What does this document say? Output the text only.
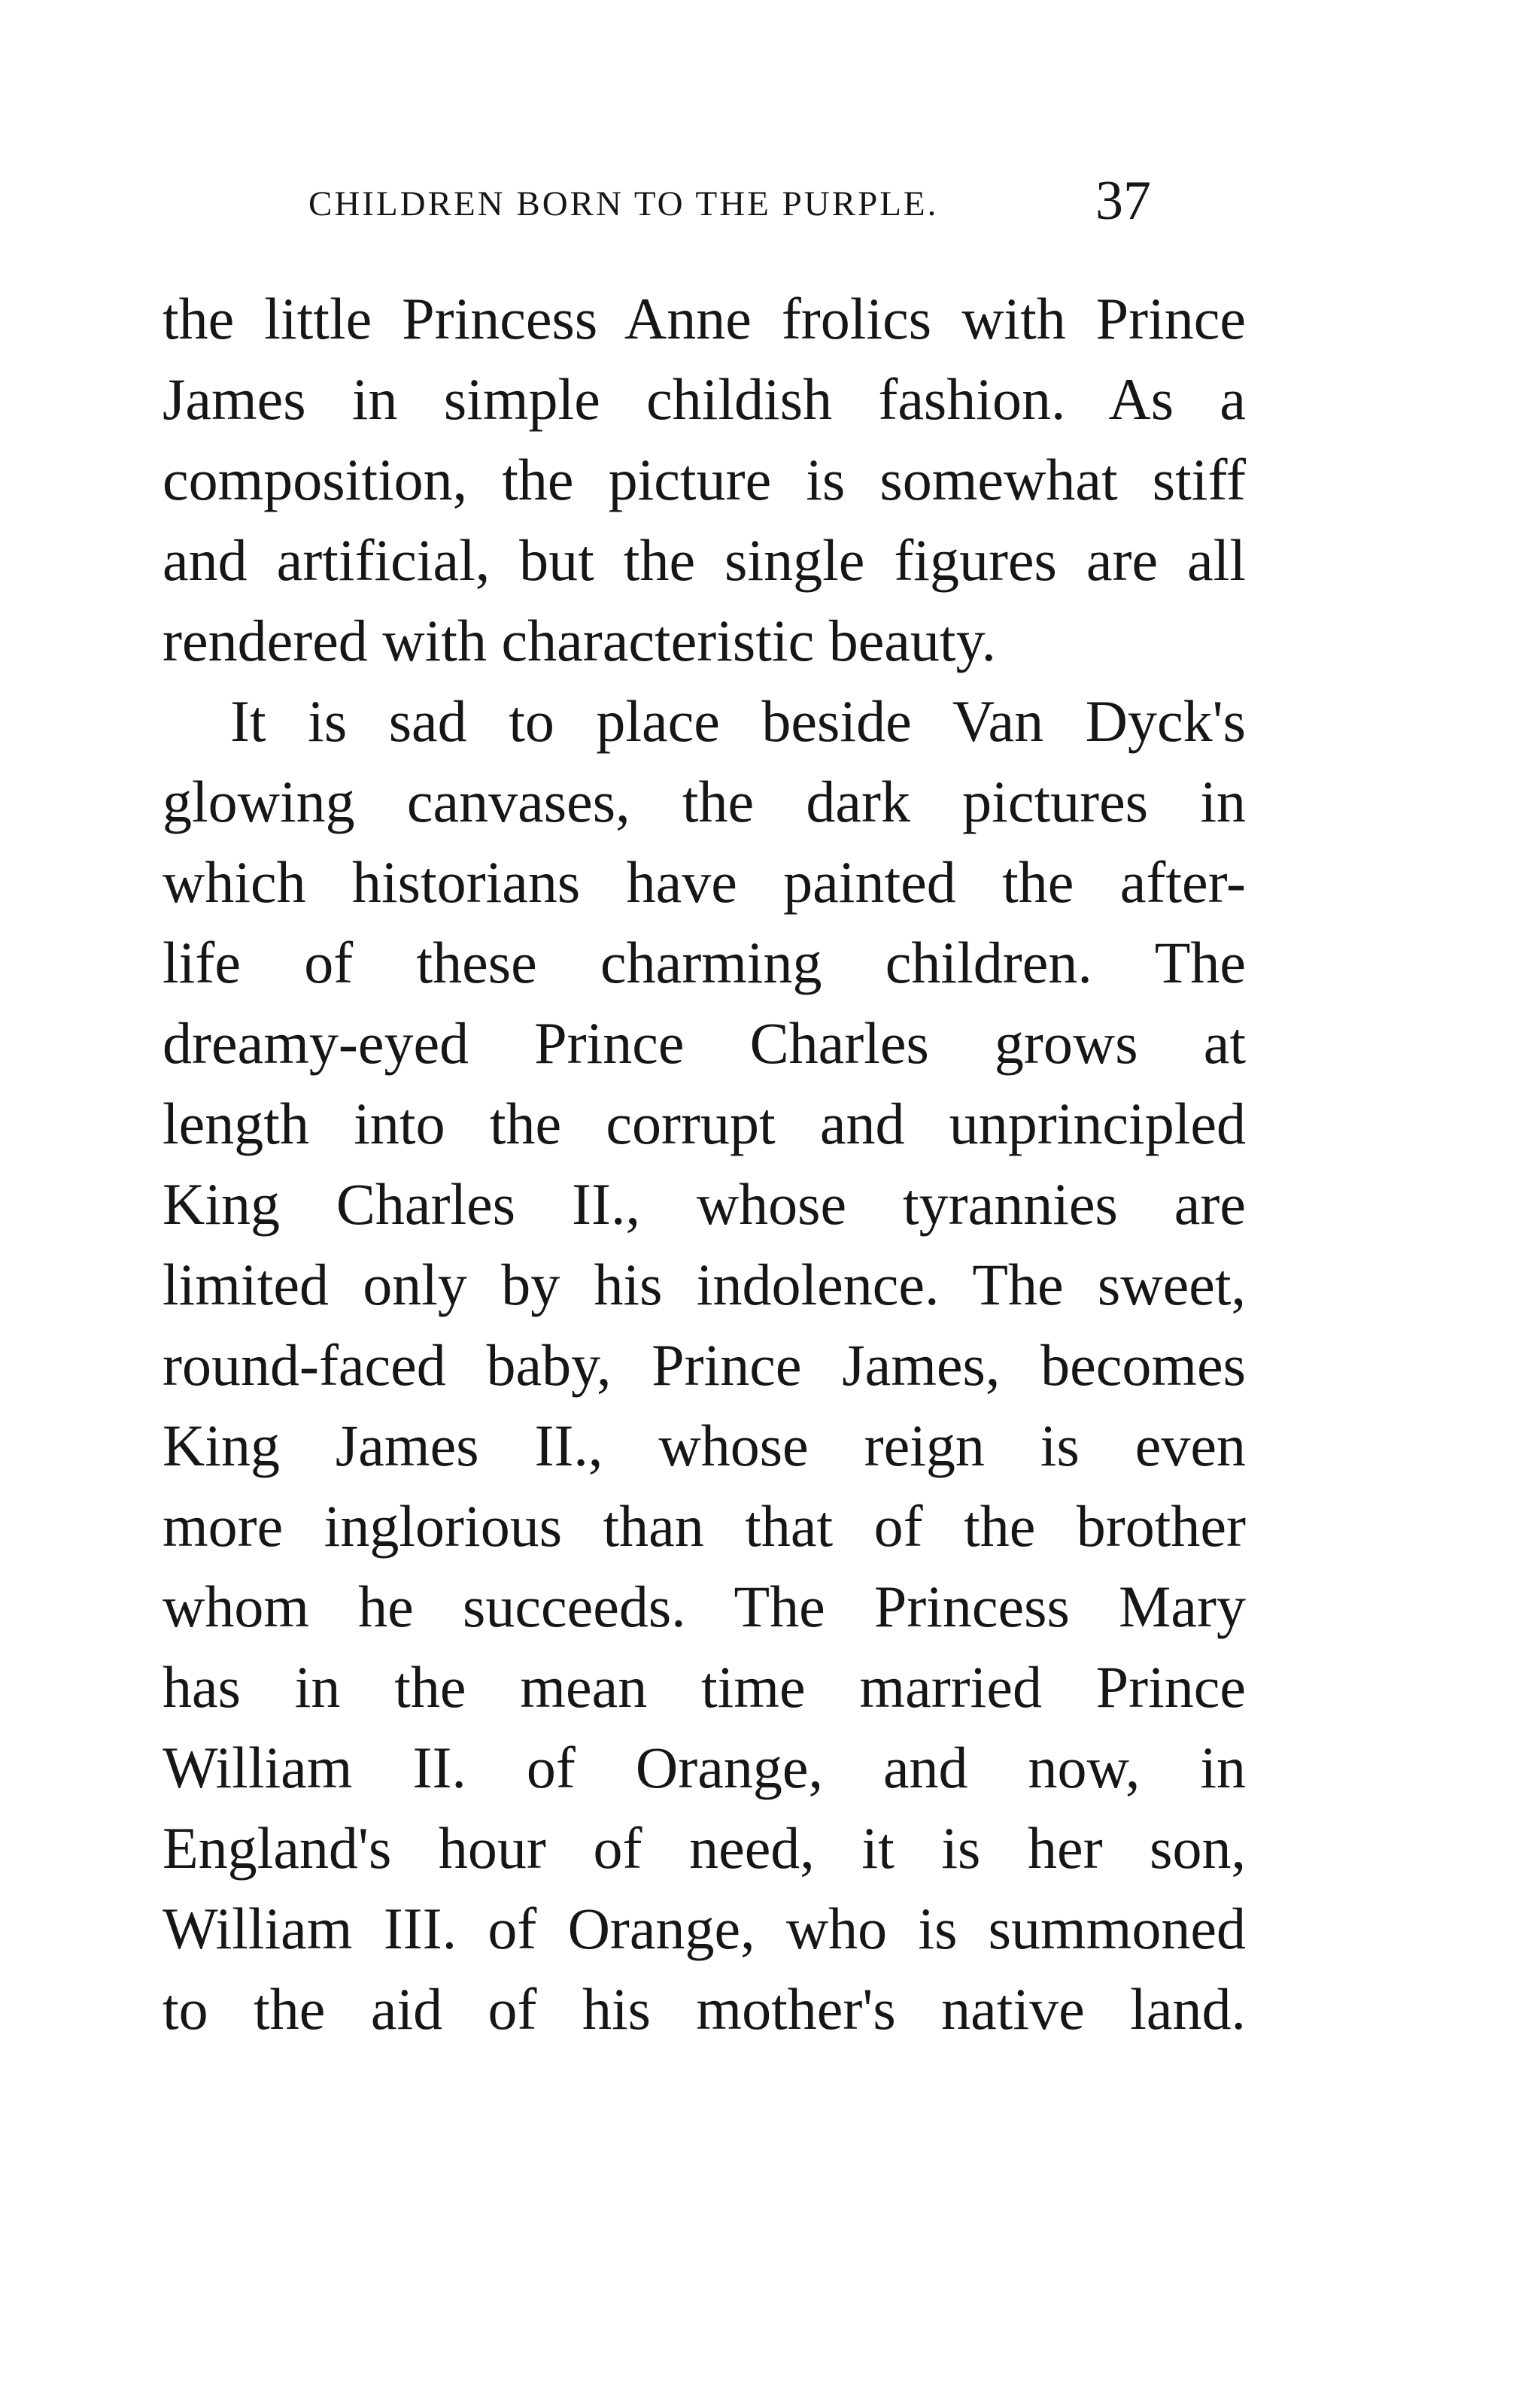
CHILDREN BORN TO THE PURPLE.	37
the little Princess Anne frolics with Prince
James in simple childish fashion. As a
composition, the picture is somewhat stiff
and artificial, but the single figures are all
rendered with characteristic beauty.
It is sad to place beside Van Dyck's
glowing canvases, the dark pictures in
which historians have painted the after-
life of these charming children. The
dreamy-eyed Prince Charles grows at
length into the corrupt and unprincipled
King Charles II., whose tyrannies are
limited only by his indolence. The sweet,
round-faced baby, Prince James, becomes
King James II., whose reign is even
more inglorious than that of the brother
whom he succeeds. The Princess Mary
has in the mean time married Prince
William II. of Orange, and now, in
England's hour of need, it is her son,
William III. of Orange, who is summoned
to the aid of his mother's native land.
